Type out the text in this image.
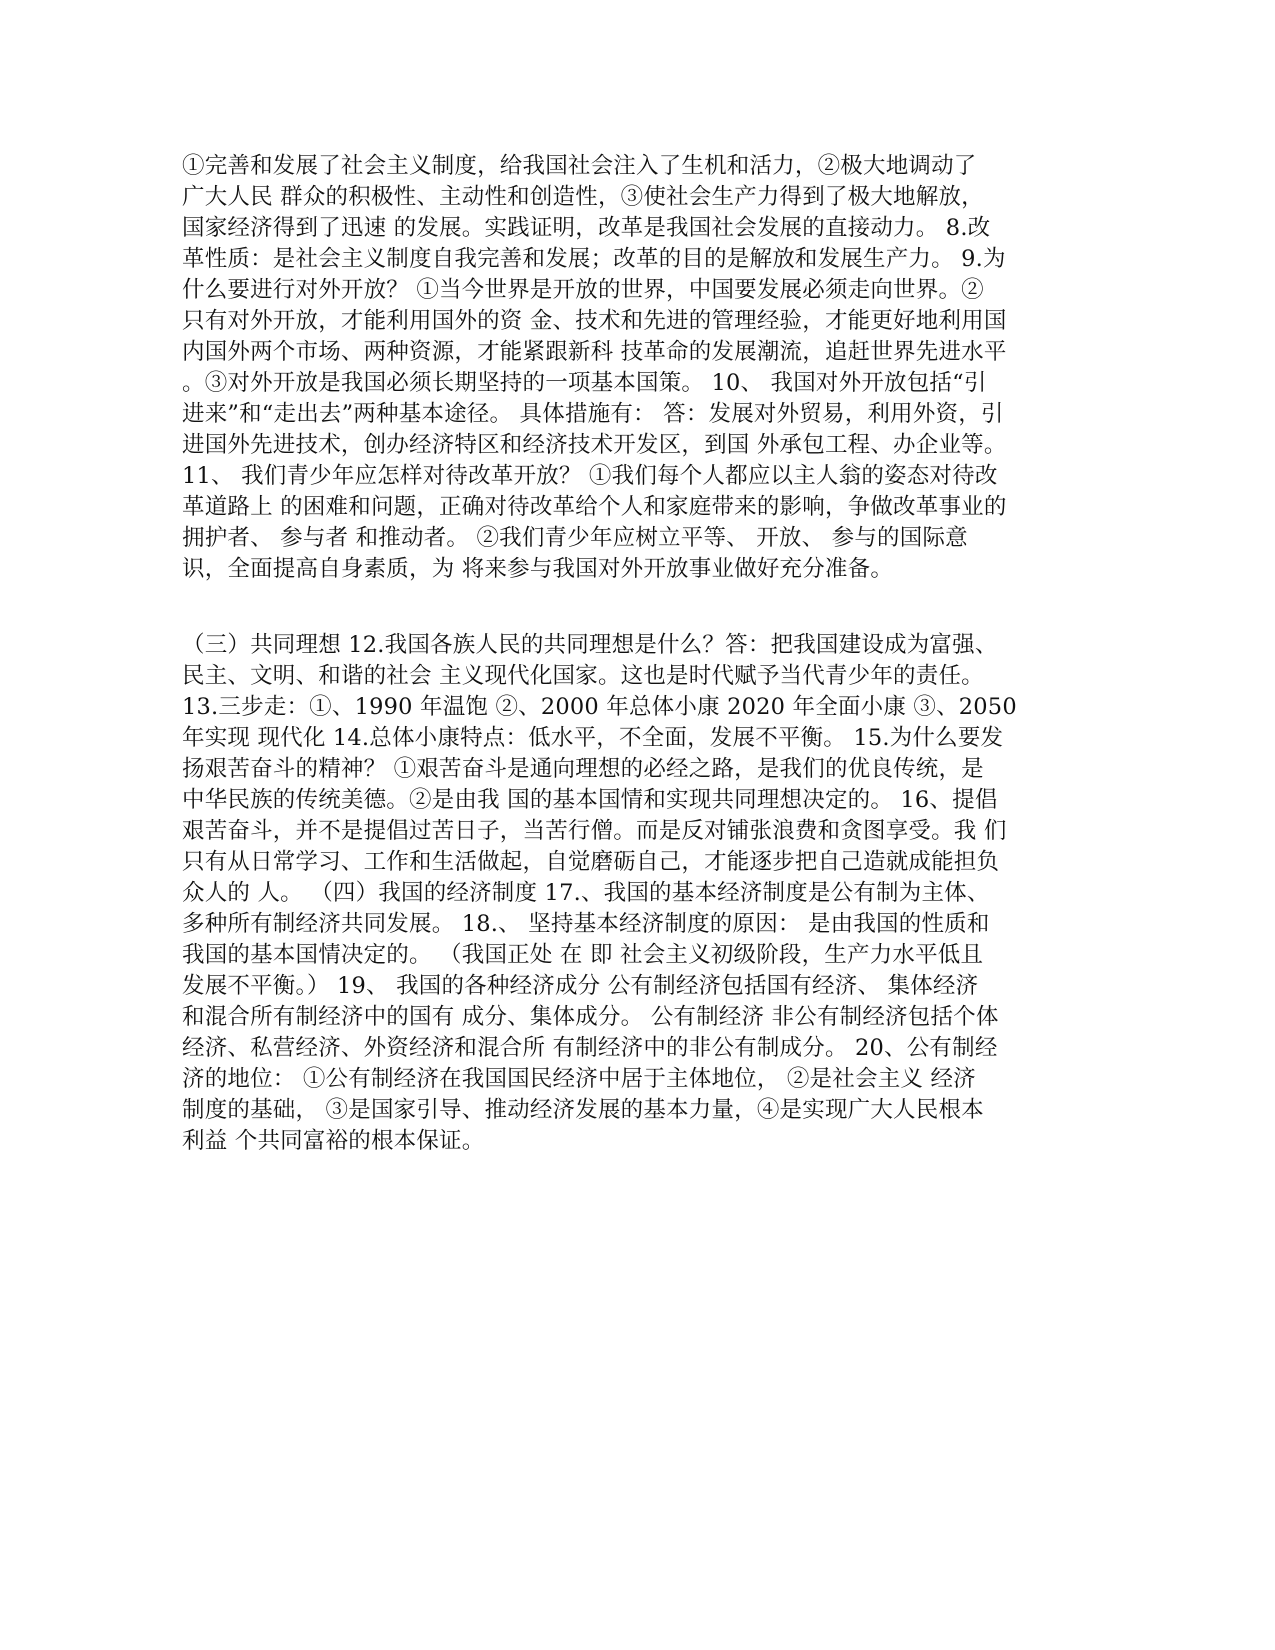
①完善和发展了社会主义制度，给我国社会注入了生机和活力，②极大地调动了
广大人民 群众的积极性、主动性和创造性，③使社会生产力得到了极大地解放，
国家经济得到了迅速 的发展。实践证明，改革是我国社会发展的直接动力。 8.改
革性质：是社会主义制度自我完善和发展；改革的目的是解放和发展生产力。 9.为
什么要进行对外开放？ ①当今世界是开放的世界，中国要发展必须走向世界。②
只有对外开放，才能利用国外的资 金、技术和先进的管理经验，才能更好地利用国
内国外两个市场、两种资源，才能紧跟新科 技革命的发展潮流，追赶世界先进水平
。③对外开放是我国必须长期坚持的一项基本国策。 10、 我国对外开放包括“引
进来”和“走出去”两种基本途径。 具体措施有： 答：发展对外贸易，利用外资，引
进国外先进技术，创办经济特区和经济技术开发区，到国 外承包工程、办企业等。
11、 我们青少年应怎样对待改革开放？ ①我们每个人都应以主人翁的姿态对待改
革道路上 的困难和问题，正确对待改革给个人和家庭带来的影响，争做改革事业的
拥护者、 参与者 和推动者。 ②我们青少年应树立平等、 开放、 参与的国际意
识，全面提高自身素质，为 将来参与我国对外开放事业做好充分准备。
（三）共同理想 12.我国各族人民的共同理想是什么？答：把我国建设成为富强、
民主、文明、和谐的社会 主义现代化国家。这也是时代赋予当代青少年的责任。
13.三步走：①、1990 年温饱 ②、2000 年总体小康 2020 年全面小康 ③、2050
年实现 现代化 14.总体小康特点：低水平，不全面，发展不平衡。 15.为什么要发
扬艰苦奋斗的精神？ ①艰苦奋斗是通向理想的必经之路，是我们的优良传统，是
中华民族的传统美德。②是由我 国的基本国情和实现共同理想决定的。 16、提倡
艰苦奋斗，并不是提倡过苦日子，当苦行僧。而是反对铺张浪费和贪图享受。我 们
只有从日常学习、工作和生活做起，自觉磨砺自己，才能逐步把自己造就成能担负
众人的 人。 （四）我国的经济制度 17.、我国的基本经济制度是公有制为主体、
多种所有制经济共同发展。 18.、 坚持基本经济制度的原因： 是由我国的性质和
我国的基本国情决定的。 （我国正处 在 即 社会主义初级阶段，生产力水平低且
发展不平衡。） 19、 我国的各种经济成分 公有制经济包括国有经济、 集体经济
和混合所有制经济中的国有 成分、集体成分。 公有制经济 非公有制经济包括个体
经济、私营经济、外资经济和混合所 有制经济中的非公有制成分。 20、公有制经
济的地位： ①公有制经济在我国国民经济中居于主体地位， ②是社会主义 经济
制度的基础， ③是国家引导、推动经济发展的基本力量，④是实现广大人民根本
利益 个共同富裕的根本保证。
